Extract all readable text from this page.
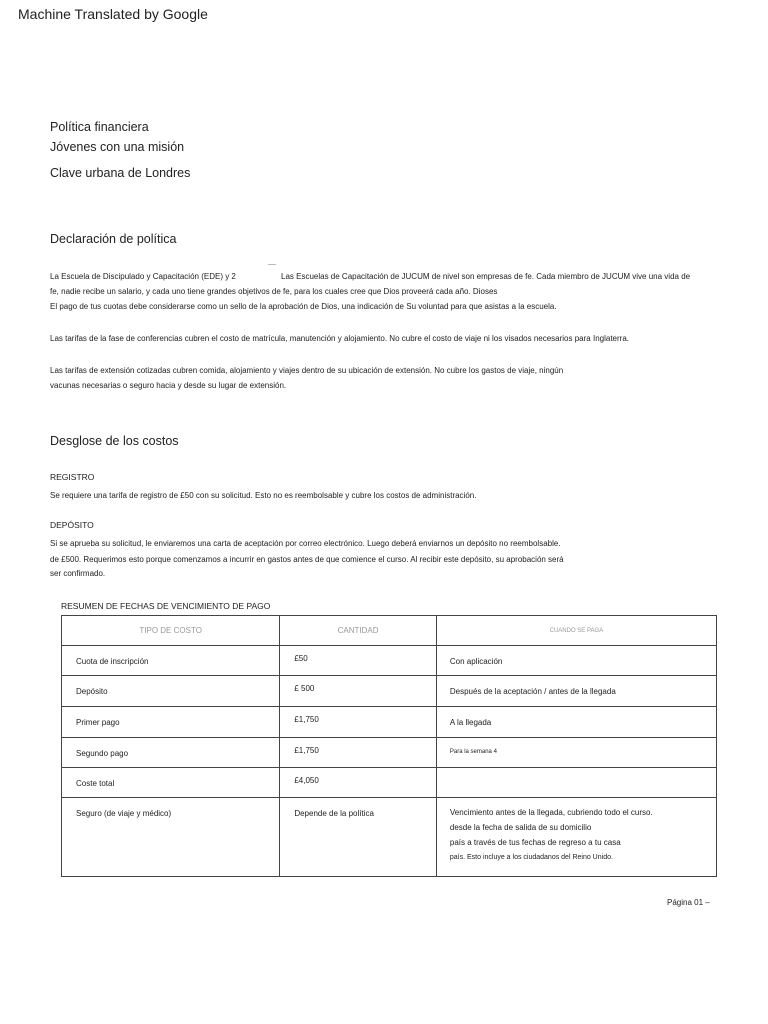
Machine Translated by Google
Política financiera
Jóvenes con una misión
Clave urbana de Londres
Declaración de política
La Escuela de Discipulado y Capacitación (EDE) y 2	Las Escuelas de Capacitación de JUCUM de nivel son empresas de fe. Cada miembro de JUCUM vive una vida de
fe, nadie recibe un salario, y cada uno tiene grandes objetivos de fe, para los cuales cree que Dios proveerá cada año. Dioses
El pago de tus cuotas debe considerarse como un sello de la aprobación de Dios, una indicación de Su voluntad para que asistas a la escuela.
Las tarifas de la fase de conferencias cubren el costo de matrícula, manutención y alojamiento. No cubre el costo de viaje ni los visados necesarios para Inglaterra.
Las tarifas de extensión cotizadas cubren comida, alojamiento y viajes dentro de su ubicación de extensión. No cubre los gastos de viaje, ningún
vacunas necesarias o seguro hacia y desde su lugar de extensión.
Desglose de los costos
REGISTRO
Se requiere una tarifa de registro de £50 con su solicitud. Esto no es reembolsable y cubre los costos de administración.
DEPÓSITO
Si se aprueba su solicitud, le enviaremos una carta de aceptación por correo electrónico. Luego deberá enviarnos un depósito no reembolsable.
de £500. Requerimos esto porque comenzamos a incurrir en gastos antes de que comience el curso. Al recibir este depósito, su aprobación será
ser confirmado.
RESUMEN DE FECHAS DE VENCIMIENTO DE PAGO
TIPO DE COSTO	CANTIDAD	CUANDO SE PAGA

Cuota de inscripción	£50	Con aplicación

Depósito	£ 500	Después de la aceptación / antes de la llegada

Primer pago	£1,750	A la llegada

Segundo pago	£1,750	Para la semana 4

Coste total	£4,050	

Seguro (de viaje y médico)	Depende de la política	Vencimiento antes de la llegada, cubriendo todo el curso.
desde la fecha de salida de su domicilio
país a través de tus fechas de regreso a tu casa
país. Esto incluye a los ciudadanos del Reino Unido.
Página 01 –
